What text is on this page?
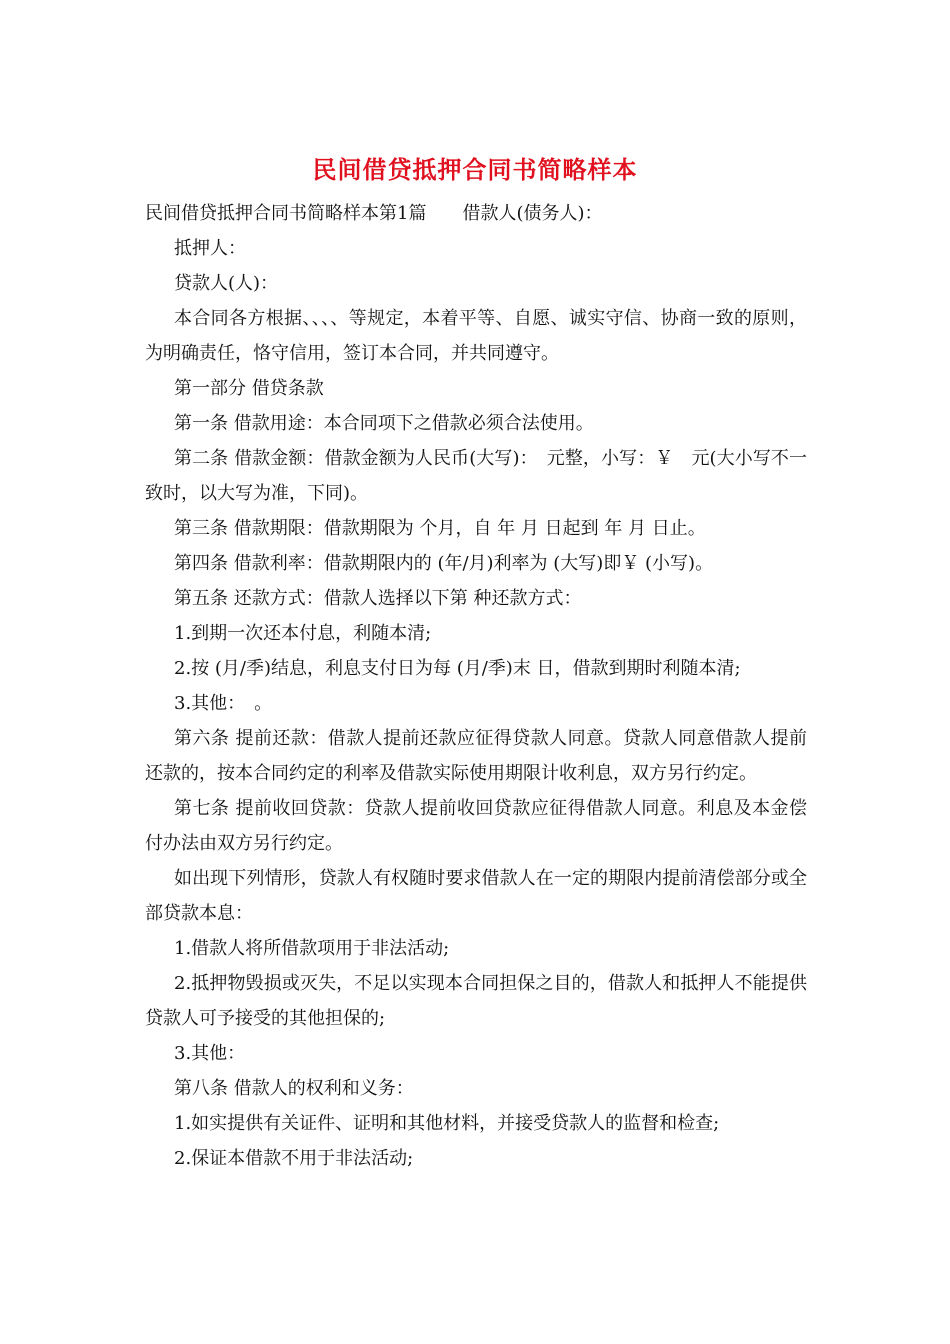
民间借贷抵押合同书简略样本

民间借贷抵押合同书简略样本第1篇　　借款人(债务人)：

抵押人：

贷款人(人)：

本合同各方根据、、、、等规定，本着平等、自愿、诚实守信、协商一致的原则，为明确责任，恪守信用，签订本合同，并共同遵守。

第一部分 借贷条款

第一条 借款用途：本合同项下之借款必须合法使用。

第二条 借款金额：借款金额为人民币(大写)：　元整，小写：￥　元(大小写不一致时，以大写为准，下同)。

第三条 借款期限：借款期限为 个月，自 年 月 日起到 年 月 日止。

第四条 借款利率：借款期限内的 (年/月)利率为 (大写)即￥ (小写)。

第五条 还款方式：借款人选择以下第 种还款方式：

1.到期一次还本付息，利随本清;

2.按 (月/季)结息，利息支付日为每 (月/季)末 日，借款到期时利随本清;

3.其他：　。

第六条 提前还款：借款人提前还款应征得贷款人同意。贷款人同意借款人提前还款的，按本合同约定的利率及借款实际使用期限计收利息，双方另行约定。

第七条 提前收回贷款：贷款人提前收回贷款应征得借款人同意。利息及本金偿付办法由双方另行约定。

如出现下列情形，贷款人有权随时要求借款人在一定的期限内提前清偿部分或全部贷款本息：

1.借款人将所借款项用于非法活动;

2.抵押物毁损或灭失，不足以实现本合同担保之目的，借款人和抵押人不能提供贷款人可予接受的其他担保的;

3.其他：

第八条 借款人的权利和义务：

1.如实提供有关证件、证明和其他材料，并接受贷款人的监督和检查;

2.保证本借款不用于非法活动;
